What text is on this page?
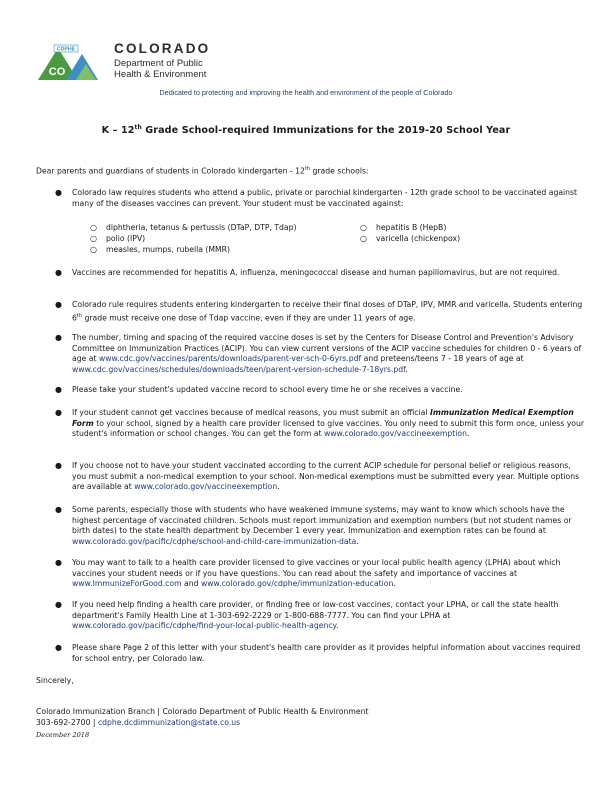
CDPHE
CO
COLORADO
Department of Public
Health & Environment
Dedicated to protecting and improving the health and environment of the people of Colorado
K – 12th Grade School-required Immunizations for the 2019-20 School Year
Dear parents and guardians of students in Colorado kindergarten - 12th grade schools:
● Colorado law requires students who attend a public, private or parochial kindergarten - 12th grade school to be vaccinated against many of the diseases vaccines can prevent. Your student must be vaccinated against:
○ diphtheria, tetanus & pertussis (DTaP, DTP, Tdap)
○ polio (IPV)
○ measles, mumps, rubella (MMR)
○ hepatitis B (HepB)
○ varicella (chickenpox)
● Vaccines are recommended for hepatitis A, influenza, meningococcal disease and human papillomavirus, but are not required.
● Colorado rule requires students entering kindergarten to receive their final doses of DTaP, IPV, MMR and varicella. Students entering 6th grade must receive one dose of Tdap vaccine, even if they are under 11 years of age.
● The number, timing and spacing of the required vaccine doses is set by the Centers for Disease Control and Prevention's Advisory Committee on Immunization Practices (ACIP). You can view current versions of the ACIP vaccine schedules for children 0 - 6 years of age at www.cdc.gov/vaccines/parents/downloads/parent-ver-sch-0-6yrs.pdf and preteens/teens 7 - 18 years of age at www.cdc.gov/vaccines/schedules/downloads/teen/parent-version-schedule-7-18yrs.pdf.
● Please take your student's updated vaccine record to school every time he or she receives a vaccine.
● If your student cannot get vaccines because of medical reasons, you must submit an official Immunization Medical Exemption Form to your school, signed by a health care provider licensed to give vaccines. You only need to submit this form once, unless your student's information or school changes. You can get the form at www.colorado.gov/vaccineexemption.
● If you choose not to have your student vaccinated according to the current ACIP schedule for personal belief or religious reasons, you must submit a non-medical exemption to your school. Non-medical exemptions must be submitted every year. Multiple options are available at www.colorado.gov/vaccineexemption.
● Some parents, especially those with students who have weakened immune systems, may want to know which schools have the highest percentage of vaccinated children. Schools must report immunization and exemption numbers (but not student names or birth dates) to the state health department by December 1 every year. Immunization and exemption rates can be found at www.colorado.gov/pacific/cdphe/school-and-child-care-immunization-data.
● You may want to talk to a health care provider licensed to give vaccines or your local public health agency (LPHA) about which vaccines your student needs or if you have questions. You can read about the safety and importance of vaccines at www.ImmunizeForGood.com and www.colorado.gov/cdphe/immunization-education.
● If you need help finding a health care provider, or finding free or low-cost vaccines, contact your LPHA, or call the state health department's Family Health Line at 1-303-692-2229 or 1-800-688-7777. You can find your LPHA at www.colorado.gov/pacific/cdphe/find-your-local-public-health-agency.
● Please share Page 2 of this letter with your student's health care provider as it provides helpful information about vaccines required for school entry, per Colorado law.
Sincerely,
Colorado Immunization Branch | Colorado Department of Public Health & Environment
303-692-2700 | cdphe.dcdimmunization@state.co.us
December 2018
